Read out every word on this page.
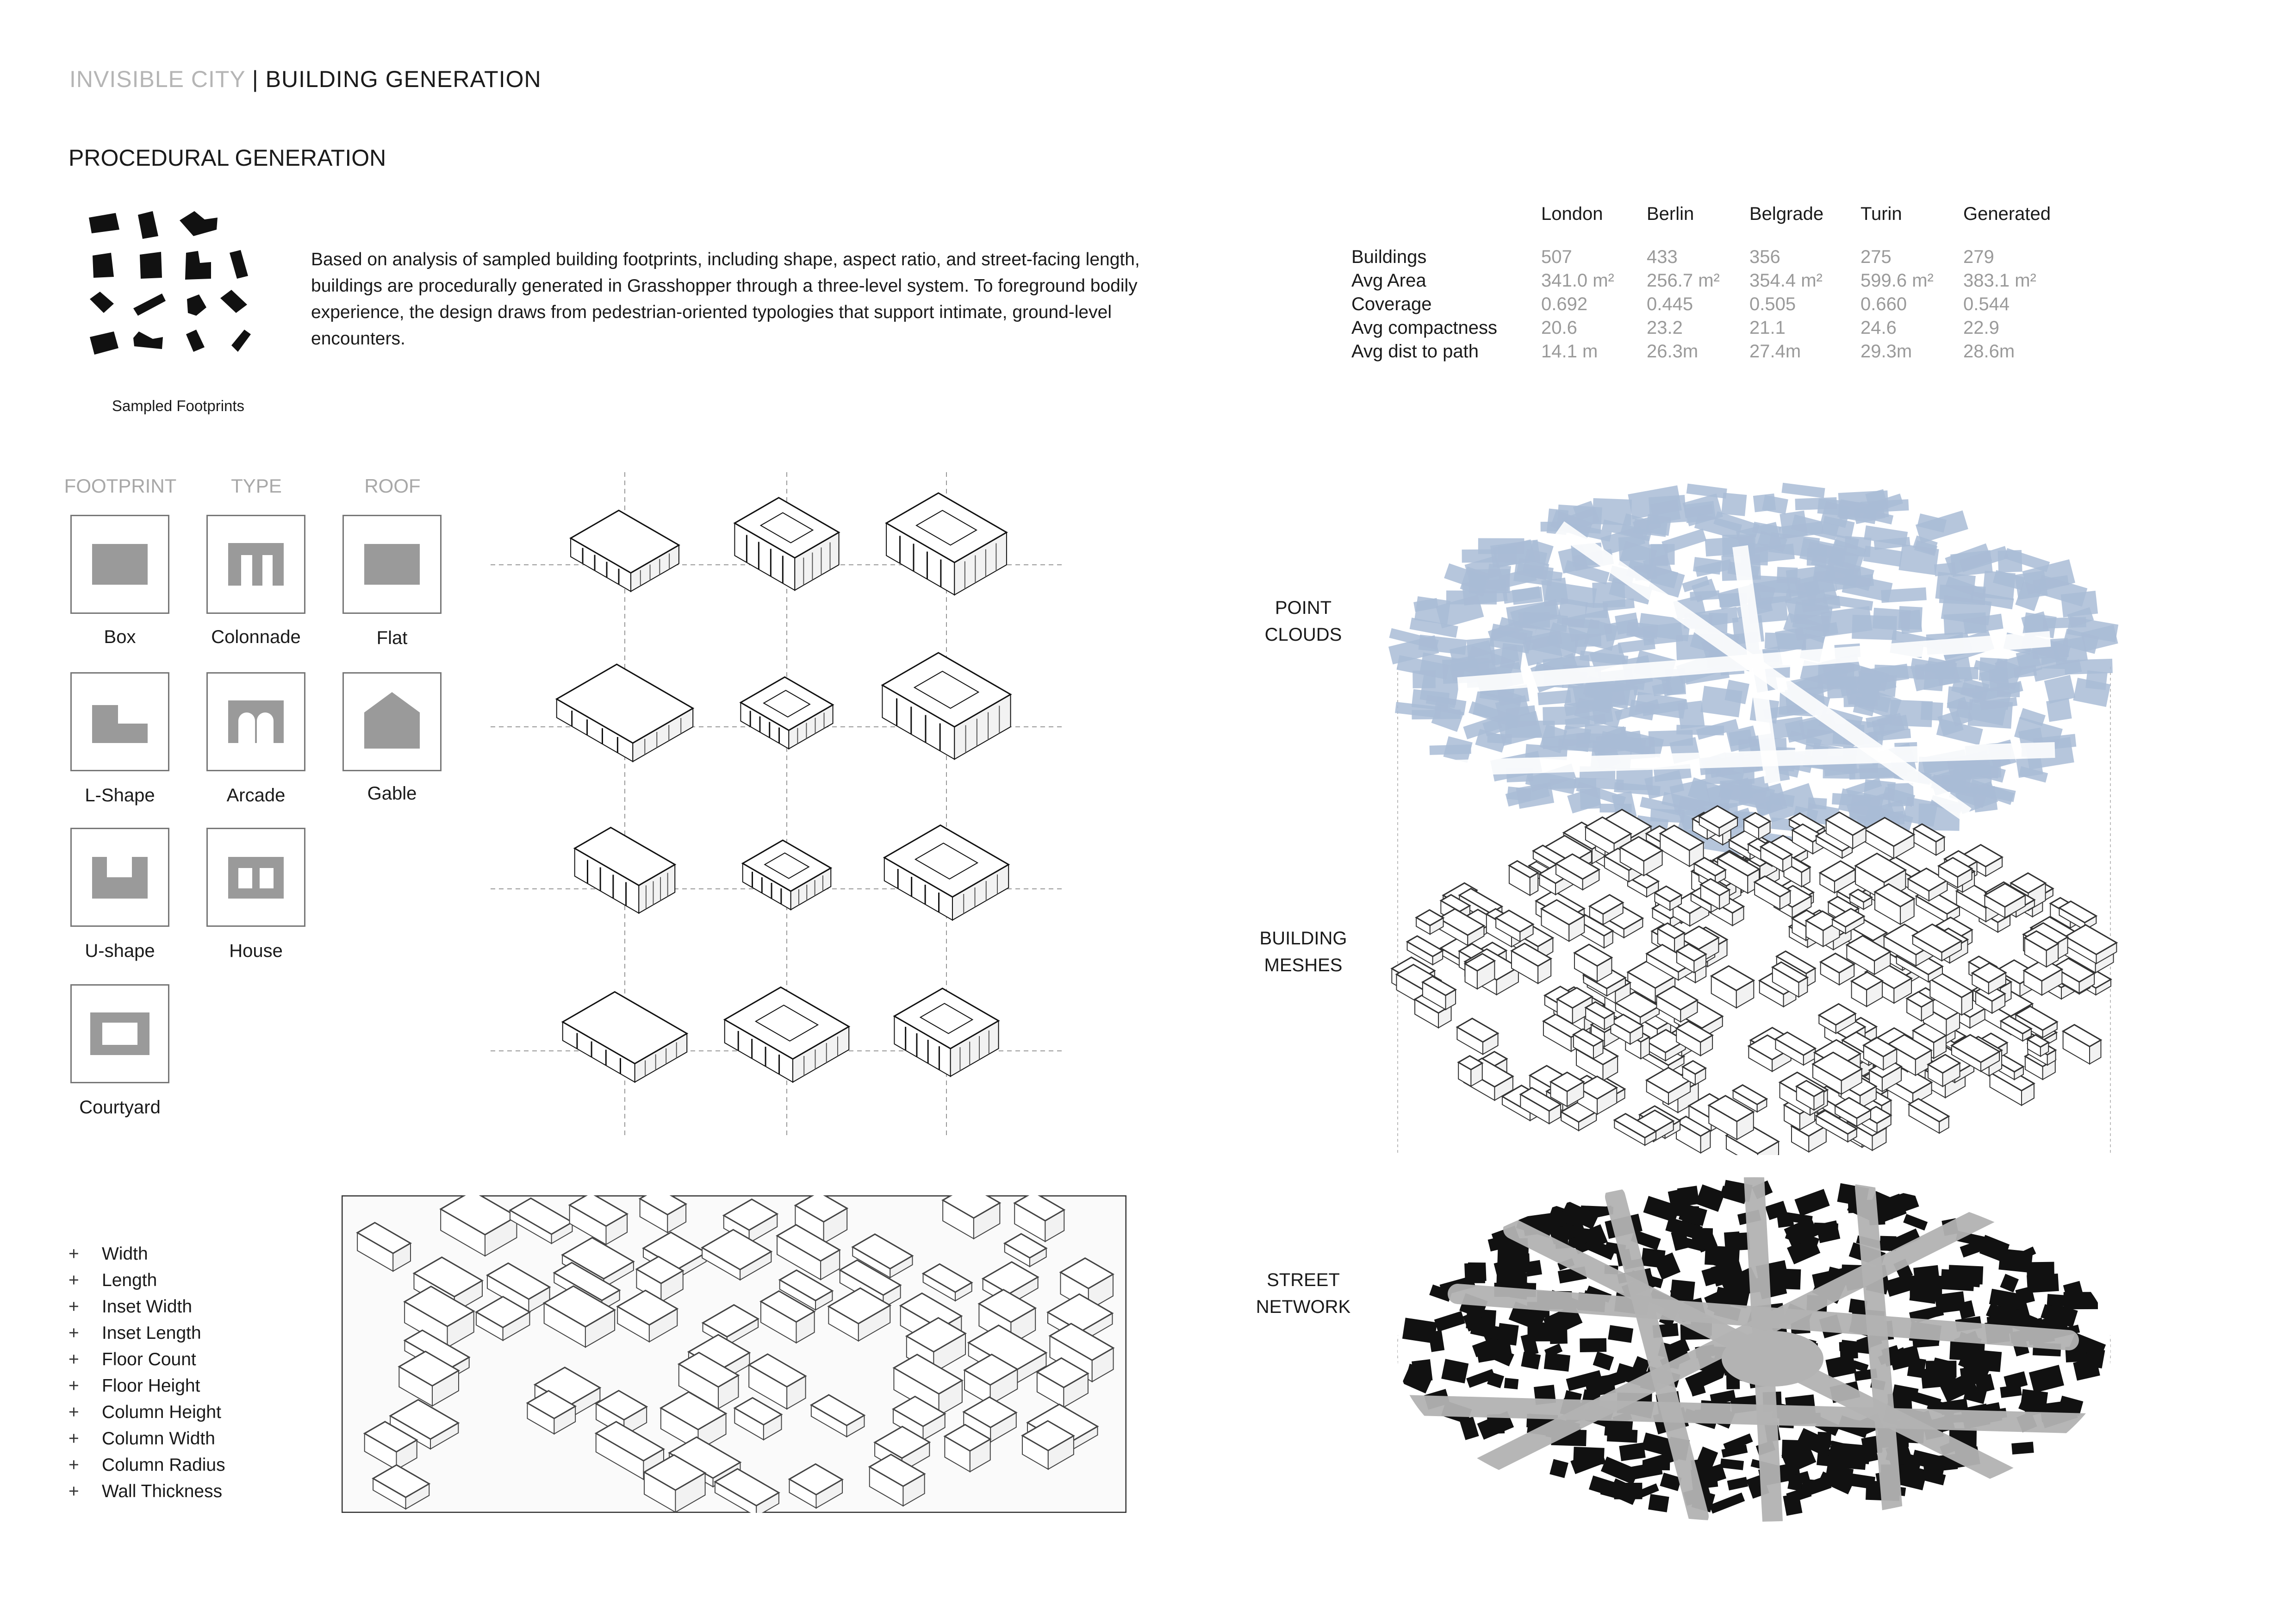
INVISIBLE CITY | BUILDING GENERATION
PROCEDURAL GENERATION
Sampled Footprints
Based on analysis of sampled building footprints, including shape, aspect ratio, and street-facing length, buildings are procedurally generated in Grasshopper through a three-level system. To foreground bodily experience, the design draws from pedestrian-oriented typologies that support intimate, ground-level encounters.
	London	Berlin	Belgrade	Turin	Generated
Buildings	507	433	356	275	279
Avg Area	341.0 m²	256.7 m²	354.4 m²	599.6 m²	383.1 m²
Coverage	0.692	0.445	0.505	0.660	0.544
Avg compactness	20.6	23.2	21.1	24.6	22.9
Avg dist to path	14.1 m	26.3m	27.4m	29.3m	28.6m
FOOTPRINT	TYPE	ROOF
Box
L-Shape
U-shape
Courtyard
Colonnade
Arcade
House
Flat
Gable
+	Width
+	Length
+	Inset Width
+	Inset Length
+	Floor Count
+	Floor Height
+	Column Height
+	Column Width
+	Column Radius
+	Wall Thickness
POINT
CLOUDS
BUILDING
MESHES
STREET
NETWORK
